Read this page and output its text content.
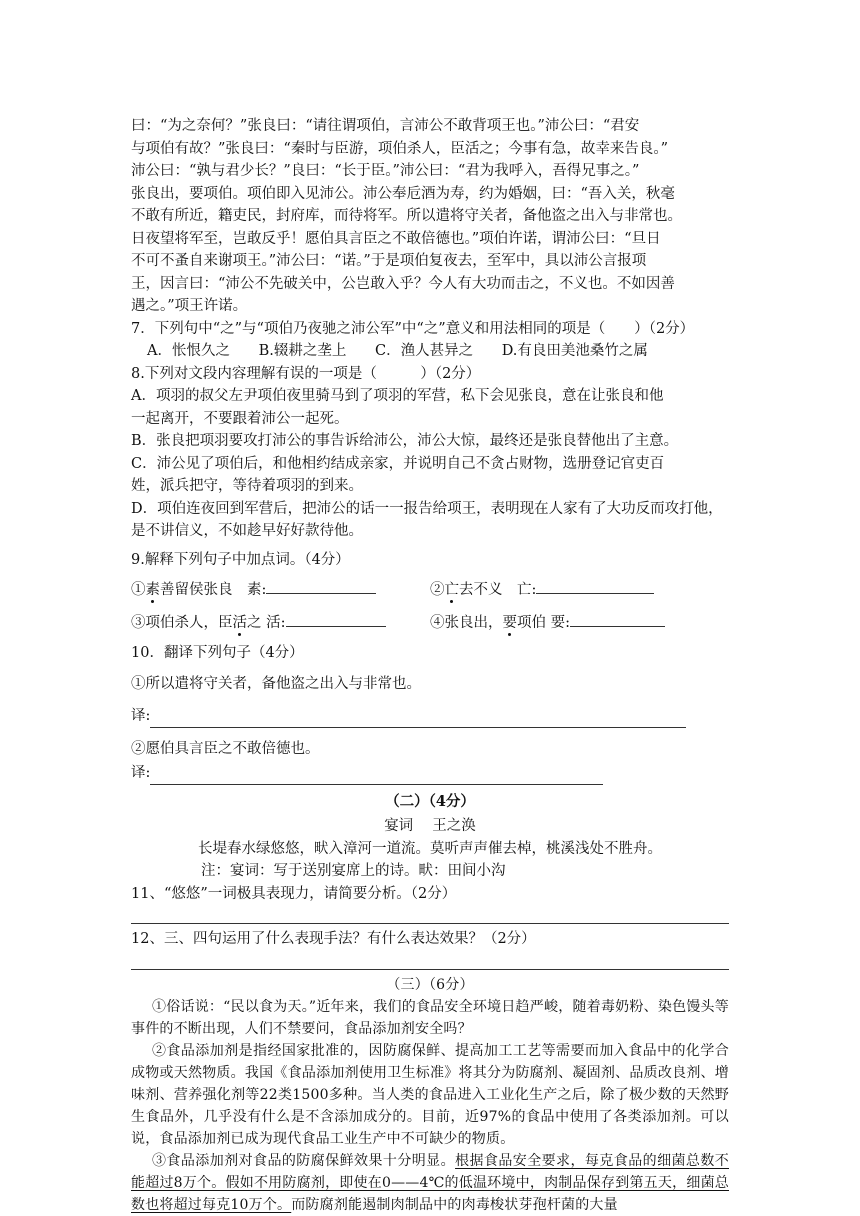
曰：“为之奈何？”张良曰：“请往谓项伯，言沛公不敢背项王也。”沛公曰：“君安

与项伯有故？”张良曰：“秦时与臣游，项伯杀人，臣活之；今事有急，故幸来告良。”

沛公曰：“孰与君少长？”良曰：“长于臣。”沛公曰：“君为我呼入，吾得兄事之。”

张良出，要项伯。项伯即入见沛公。沛公奉卮酒为寿，约为婚姻，曰：“吾入关，秋毫

不敢有所近，籍吏民，封府库，而待将军。所以遣将守关者，备他盗之出入与非常也。

日夜望将军至，岂敢反乎！愿伯具言臣之不敢倍德也。”项伯许诺，谓沛公曰：“旦日

不可不蚤自来谢项王。”沛公曰：“诺。”于是项伯复夜去，至军中，具以沛公言报项

王，因言曰：“沛公不先破关中，公岂敢入乎？今人有大功而击之，不义也。不如因善

遇之。”项王许诺。

7．下列句中“之”与“项伯乃夜驰之沛公军”中“之”意义和用法相同的项是（　　）（2分）

A．怅恨久之 B.辍耕之垄上 C．渔人甚异之 D.有良田美池桑竹之属

8.下列对文段内容理解有误的一项是（　　　）（2分）

A．项羽的叔父左尹项伯夜里骑马到了项羽的军营，私下会见张良，意在让张良和他

一起离开，不要跟着沛公一起死。

B．张良把项羽要攻打沛公的事告诉给沛公，沛公大惊，最终还是张良替他出了主意。

C．沛公见了项伯后，和他相约结成亲家，并说明自己不贪占财物，选册登记官吏百

姓，派兵把守，等待着项羽的到来。

D．项伯连夜回到军营后，把沛公的话一一报告给项王，表明现在人家有了大功反而攻打他，

是不讲信义，不如趁早好好款待他。

9.解释下列句子中加点词。（4分）

①素善留侯张良　素:	②亡去不义　亡:
③项伯杀人，臣活之 活:	④张良出，要项伯 要:

10．翻译下列句子（4分）

①所以遣将守关者，备他盗之出入与非常也。

译:

②愿伯具言臣之不敢倍德也。

译:

（二）（4分）

宴词　 王之涣

长堤春水绿悠悠，畎入漳河一道流。莫听声声催去棹，桃溪浅处不胜舟。

注：宴词：写于送别宴席上的诗。畎：田间小沟

11、“悠悠”一词极具表现力，请简要分析。（2分）

12、三、四句运用了什么表现手法？有什么表达效果？（2分）

（三）（6分）

①俗话说：“民以食为天。”近年来，我们的食品安全环境日趋严峻，随着毒奶粉、染色馒头等事件的不断出现，人们不禁要问，食品添加剂安全吗？

②食品添加剂是指经国家批准的，因防腐保鲜、提高加工工艺等需要而加入食品中的化学合成物或天然物质。我国《食品添加剂使用卫生标准》将其分为防腐剂、凝固剂、品质改良剂、增味剂、营养强化剂等22类1500多种。当人类的食品进入工业化生产之后，除了极少数的天然野生食品外，几乎没有什么是不含添加成分的。目前，近97%的食品中使用了各类添加剂。可以说，食品添加剂已成为现代食品工业生产中不可缺少的物质。

③食品添加剂对食品的防腐保鲜效果十分明显。根据食品安全要求，每克食品的细菌总数不能超过8万个。假如不用防腐剂，即使在0——4℃的低温环境中，肉制品保存到第五天，细菌总数也将超过每克10万个。而防腐剂能遏制肉制品中的肉毒梭状芽孢杆菌的大量
